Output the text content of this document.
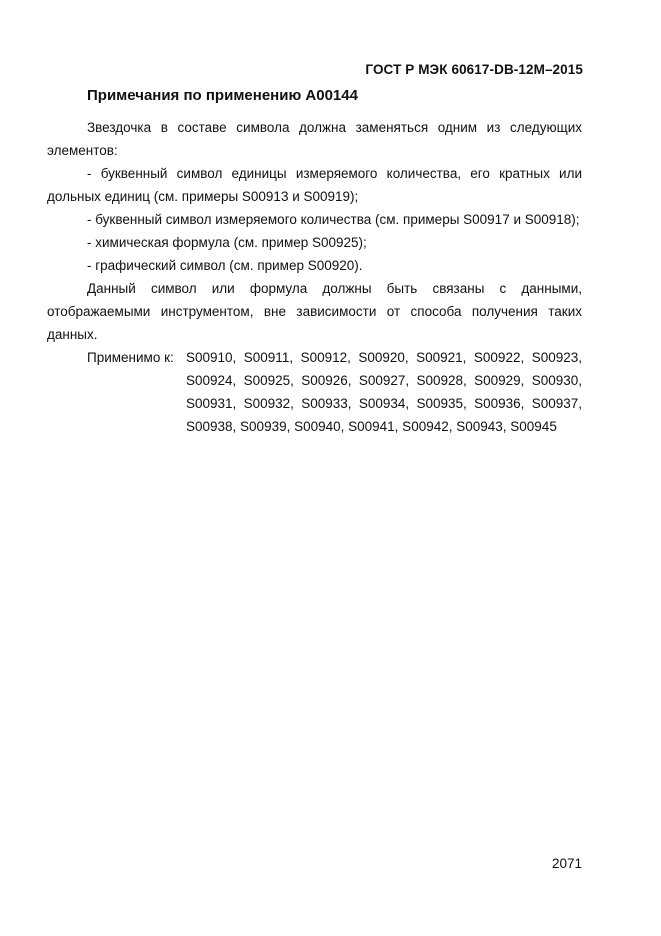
ГОСТ Р МЭК 60617-DB-12M–2015
Примечания по применению A00144

Звездочка в составе символа должна заменяться одним из следующих элементов:

- буквенный символ единицы измеряемого количества, его кратных или дольных единиц (см. примеры S00913 и S00919);

- буквенный символ измеряемого количества (см. примеры S00917 и S00918);

- химическая формула (см. пример S00925);

- графический символ (см. пример S00920).

Данный символ или формула должны быть связаны с данными, отображаемыми инструментом, вне зависимости от способа получения таких данных.

Применимо к: S00910, S00911, S00912, S00920, S00921, S00922, S00923,
S00924, S00925, S00926, S00927, S00928, S00929, S00930,
S00931, S00932, S00933, S00934, S00935, S00936, S00937,
S00938, S00939, S00940, S00941, S00942, S00943, S00945
2071
